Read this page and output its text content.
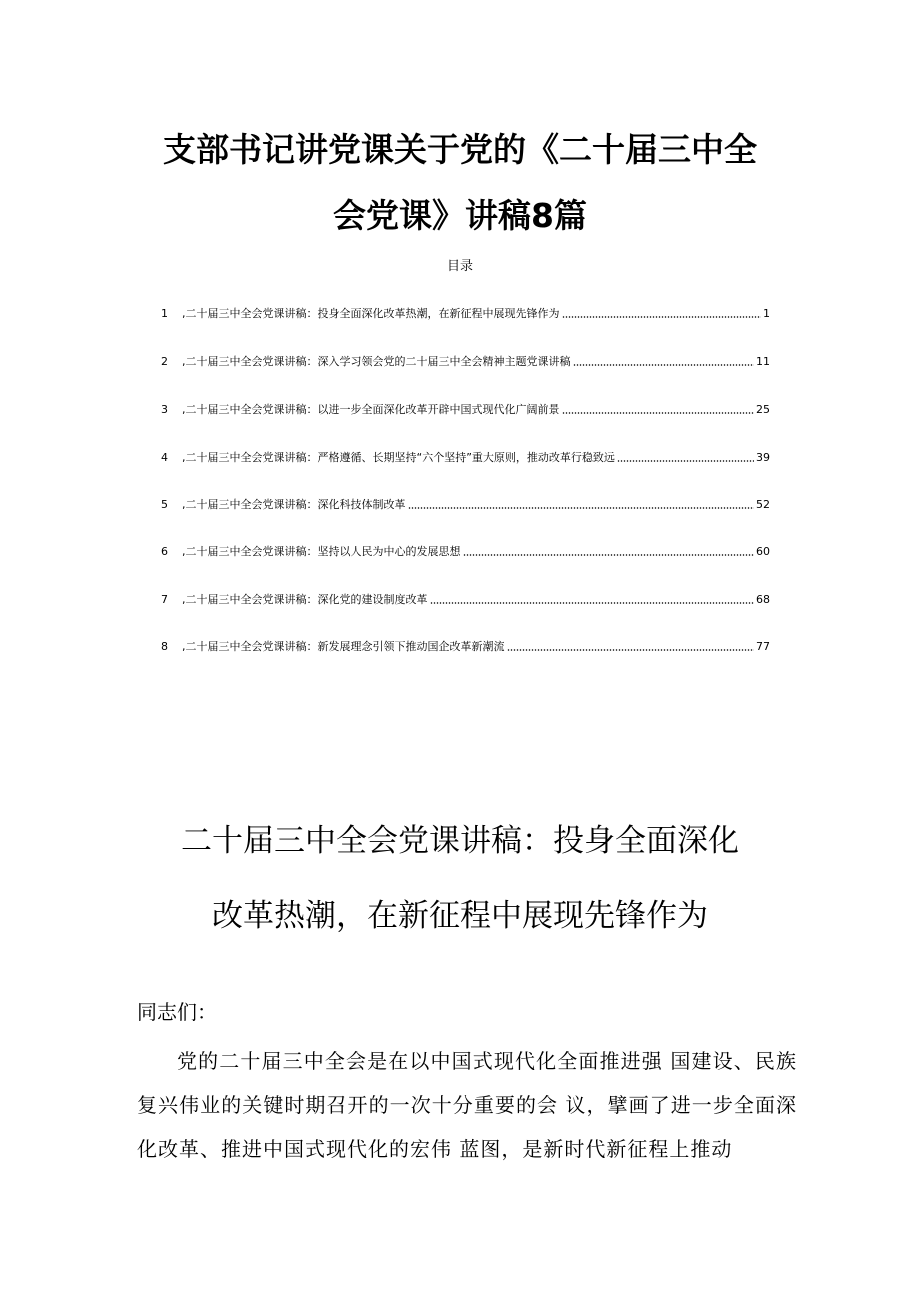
支部书记讲党课关于党的《二十届三中全
会党课》讲稿8篇
目录
1	,二十届三中全会党课讲稿：投身全面深化改革热潮，在新征程中展现先锋作为	1
2	,二十届三中全会党课讲稿：深入学习领会党的二十届三中全会精神主题党课讲稿	11
3	,二十届三中全会党课讲稿：以进一步全面深化改革开辟中国式现代化广阔前景	25
4	,二十届三中全会党课讲稿：严格遵循、长期坚持“六个坚持”重大原则，推动改革行稳致远	39
5	,二十届三中全会党课讲稿：深化科技体制改革	52
6	,二十届三中全会党课讲稿：坚持以人民为中心的发展思想	60
7	,二十届三中全会党课讲稿：深化党的建设制度改革	68
8	,二十届三中全会党课讲稿：新发展理念引领下推动国企改革新潮流	77
二十届三中全会党课讲稿：投身全面深化
改革热潮，在新征程中展现先锋作为
同志们：
党的二十届三中全会是在以中国式现代化全面推进强 国建设、民族复兴伟业的关键时期召开的一次十分重要的会 议，擘画了进一步全面深化改革、推进中国式现代化的宏伟 蓝图，是新时代新征程上推动
